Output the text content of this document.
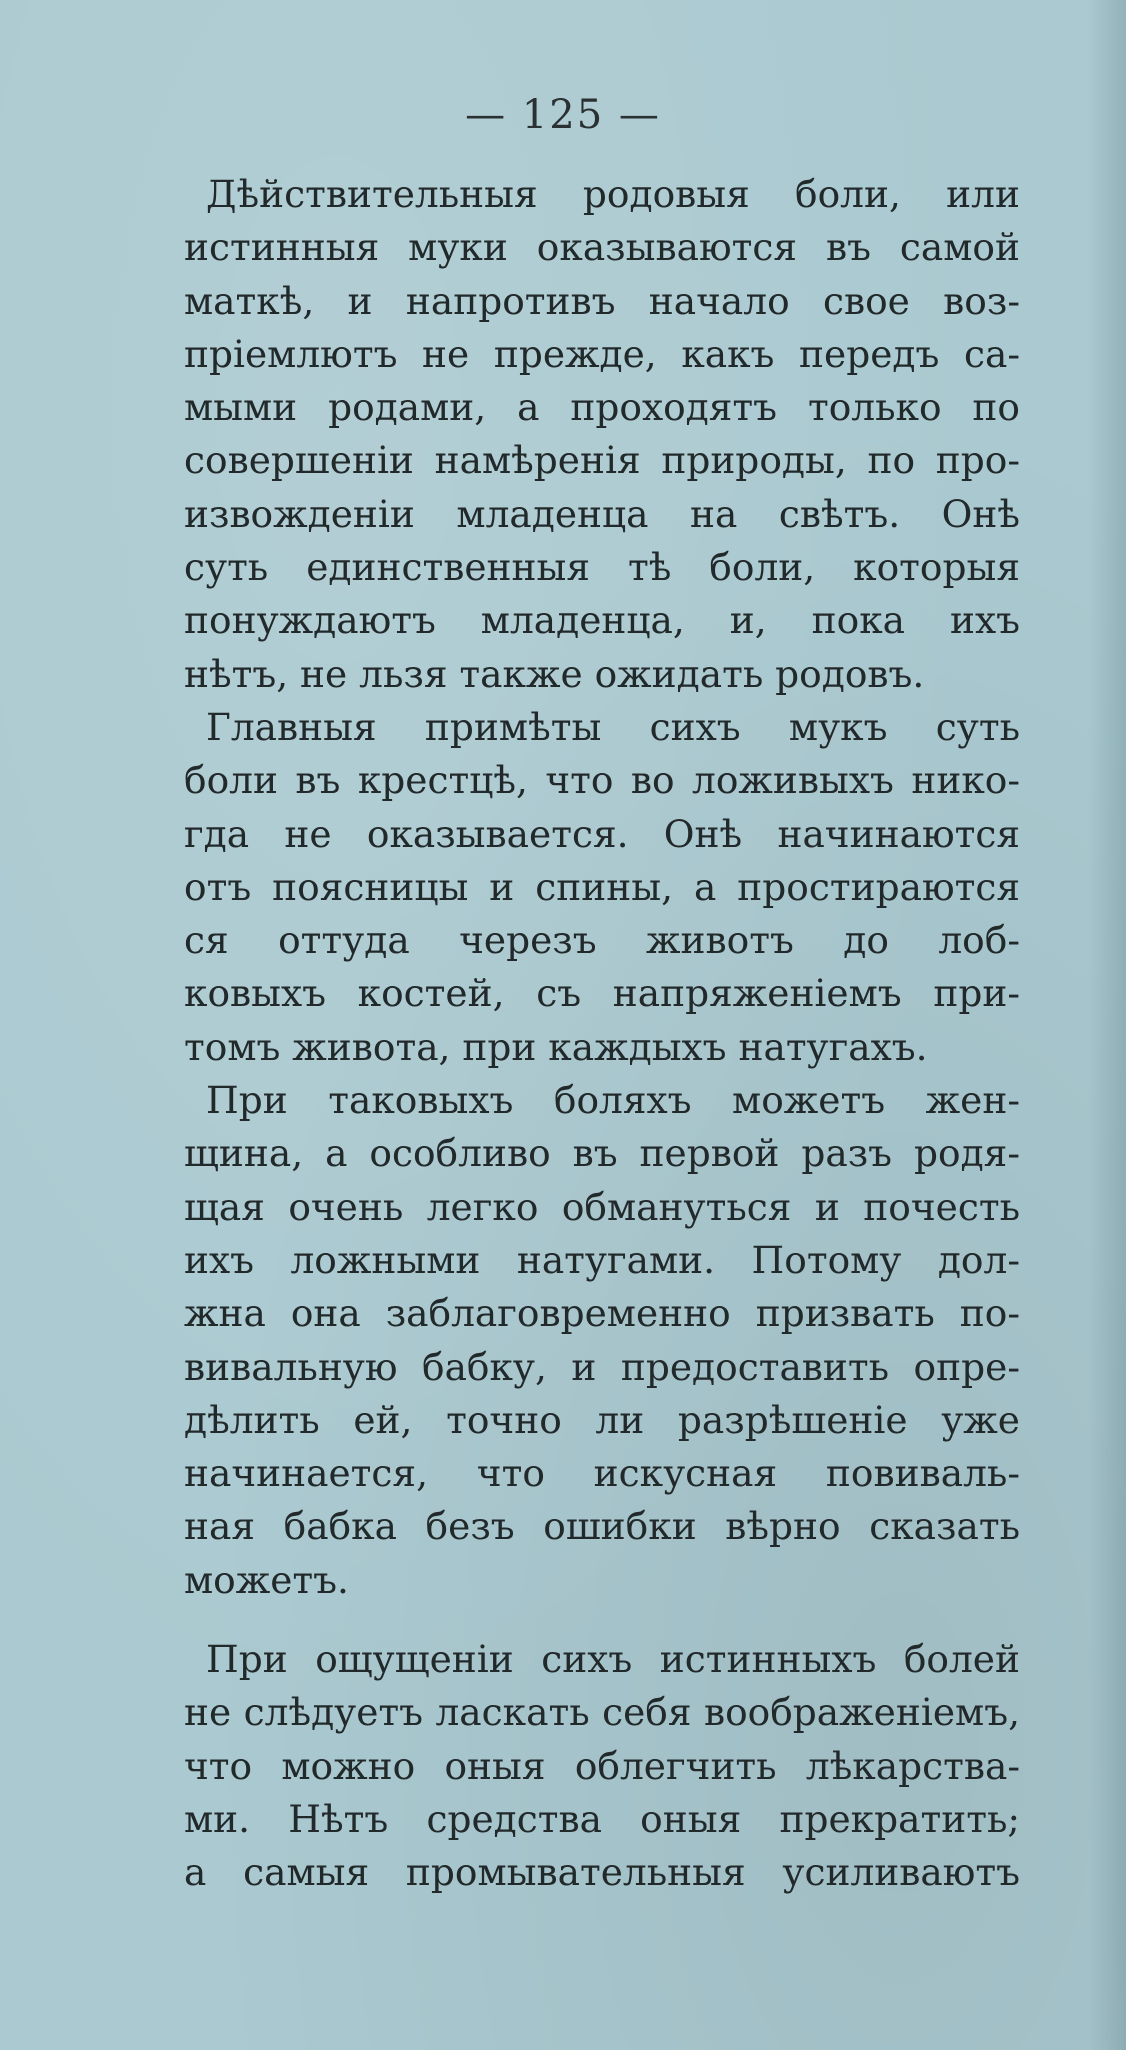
— 125 —
Дѣйствительныя родовыя боли, или
истинныя муки оказываются въ самой
маткѣ, и напротивъ начало свое воз-
пріемлютъ не прежде, какъ передъ са-
мыми родами, а проходятъ только по
совершеніи намѣренія природы, по про-
извожденіи младенца на свѣтъ. Онѣ
суть единственныя тѣ боли, которыя
понуждаютъ младенца, и, пока ихъ
нѣтъ, не льзя также ожидать родовъ.
Главныя примѣты сихъ мукъ суть
боли въ крестцѣ, что во ложивыхъ нико-
гда не оказывается. Онѣ начинаются
отъ поясницы и спины, а простираются
ся оттуда черезъ животъ до лоб-
ковыхъ костей, съ напряженіемъ при-
томъ живота, при каждыхъ натугахъ.
При таковыхъ боляхъ можетъ жен-
щина, а особливо въ первой разъ родя-
щая очень легко обмануться и почесть
ихъ ложными натугами. Потому дол-
жна она заблаговременно призвать по-
вивальную бабку, и предоставить опре-
дѣлить ей, точно ли разрѣшеніе уже
начинается, что искусная повиваль-
ная бабка безъ ошибки вѣрно сказать
можетъ.
При ощущеніи сихъ истинныхъ болей
не слѣдуетъ ласкать себя воображеніемъ,
что можно оныя облегчить лѣкарства-
ми. Нѣтъ средства оныя прекратить;
а самыя промывательныя усиливаютъ
